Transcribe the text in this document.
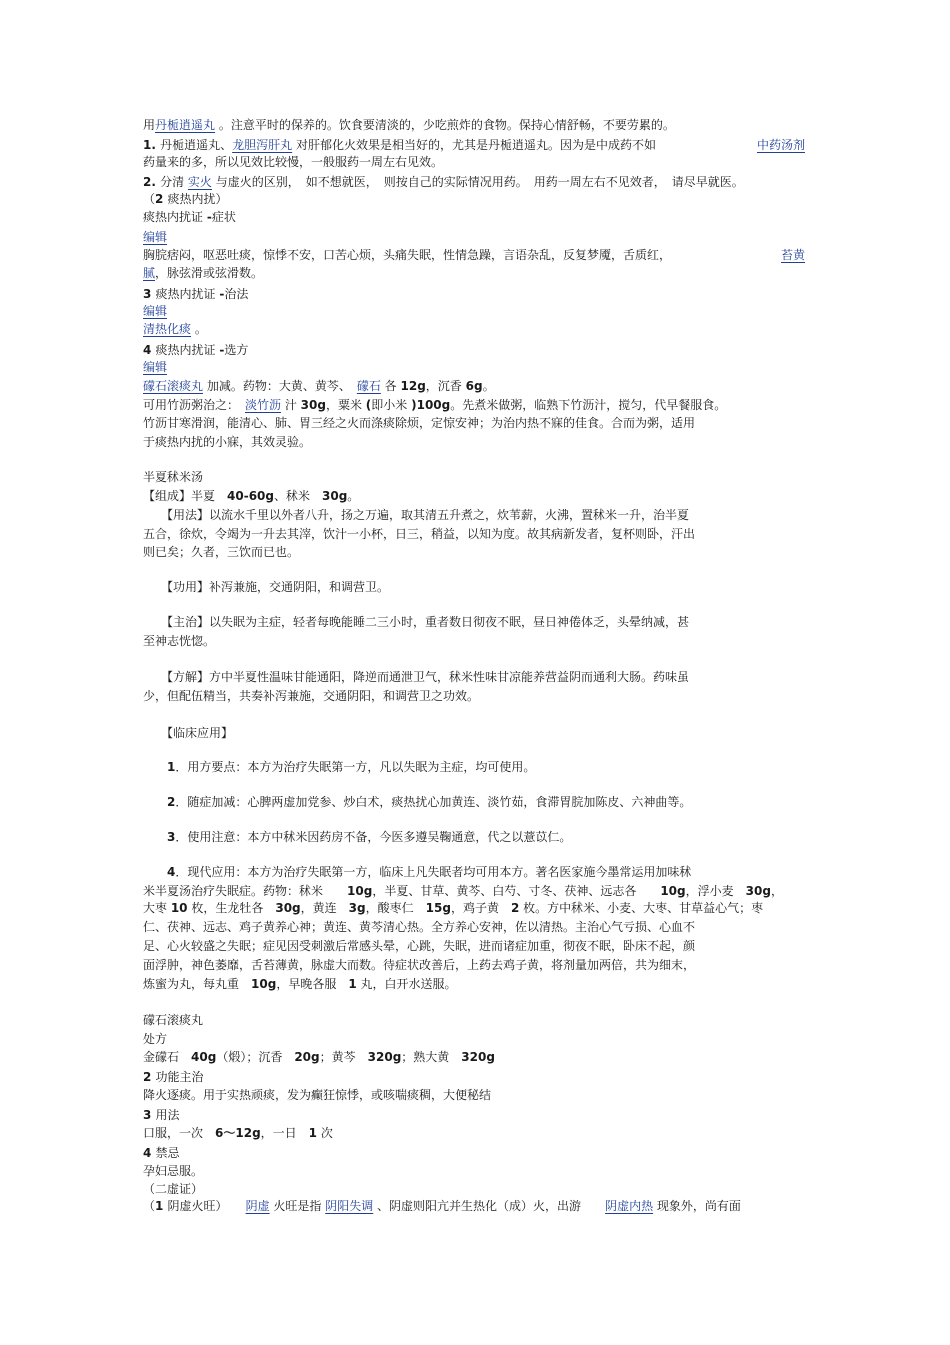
用丹栀逍遥丸 。注意平时的保养的。饮食要清淡的，少吃煎炸的食物。保持心情舒畅，不要劳累的。
1. 丹栀逍遥丸、龙胆泻肝丸 对肝郁化火效果是相当好的，尤其是丹栀逍遥丸。因为是中成药不如	中药汤剂
药量来的多，所以见效比较慢，一般服药一周左右见效。
2. 分清 实火 与虚火的区别，　如不想就医，　则按自己的实际情况用药。　用药一周左右不见效者，　请尽早就医。
（2 痰热内扰）
痰热内扰证 -症状
编辑
胸脘痞闷，呕恶吐痰，惊悸不安，口苦心烦，头痛失眠，性情急躁，言语杂乱，反复梦魇，舌质红，	苔黄
腻，脉弦滑或弦滑数。
3 痰热内扰证 -治法
编辑
清热化痰 。
4 痰热内扰证 -选方
编辑
礞石滚痰丸 加减。药物：大黄、黄芩、　礞石 各 12g，沉香 6g。
可用竹沥粥治之：　淡竹沥 汁 30g，粟米 (即小米 )100g。先煮米做粥，临熟下竹沥汁，搅匀，代早餐服食。
竹沥甘寒滑润，能清心、肺、胃三经之火而涤痰除烦，定惊安神；为治内热不寐的佳食。合而为粥，适用
于痰热内扰的小寐，其效灵验。
半夏秫米汤
【组成】半夏　40-60g、秫米　30g。
　　【用法】以流水千里以外者八升，扬之万遍，取其清五升煮之，炊苇薪，火沸，置秫米一升，治半夏
五合，徐炊，令竭为一升去其滓，饮汁一小杯，日三，稍益，以知为度。故其病新发者，复杯则卧，汗出
则已矣；久者，三饮而已也。
　　【功用】补泻兼施，交通阴阳，和调营卫。
　　【主治】以失眠为主症，轻者每晚能睡二三小时，重者数日彻夜不眠，昼日神倦体乏，头晕纳减，甚
至神志恍惚。
　　【方解】方中半夏性温味甘能通阳，降逆而通泄卫气，秫米性味甘凉能养营益阴而通利大肠。药味虽
少，但配伍精当，共奏补泻兼施，交通阴阳，和调营卫之功效。
　　【临床应用】
　　1．用方要点：本方为治疗失眠第一方，凡以失眠为主症，均可使用。
　　2．随症加减：心脾两虚加党参、炒白术，痰热扰心加黄连、淡竹茹，食滞胃脘加陈皮、六神曲等。
　　3．使用注意：本方中秫米因药房不备，今医多遵吴鞠通意，代之以薏苡仁。
　　4．现代应用：本方为治疗失眠第一方，临床上凡失眠者均可用本方。著名医家施今墨常运用加味秫
米半夏汤治疗失眠症。药物：秫米　　10g，半夏、甘草、黄芩、白芍、寸冬、茯神、远志各　　10g，浮小麦　30g，
大枣 10 枚，生龙牡各　30g，黄连　3g，酸枣仁　15g，鸡子黄　2 枚。方中秫米、小麦、大枣、甘草益心气；枣
仁、茯神、远志、鸡子黄养心神；黄连、黄芩清心热。全方养心安神，佐以清热。主治心气亏损、心血不
足、心火较盛之失眠；症见因受刺激后常感头晕，心跳，失眠，进而诸症加重，彻夜不眠，卧床不起，颜
面浮肿，神色萎靡，舌苔薄黄，脉虚大而数。待症状改善后，上药去鸡子黄，将剂量加两倍，共为细末，
炼蜜为丸，每丸重　10g，早晚各服　1 丸，白开水送服。
礞石滚痰丸
处方
金礞石　40g（煅）；沉香　20g；黄芩　320g；熟大黄　320g
2 功能主治
降火逐痰。用于实热顽痰，发为癫狂惊悸，或咳喘痰稠，大便秘结
3 用法
口服，一次　6～12g，一日　1 次
4 禁忌
孕妇忌服。
（二虚证）
（1 阴虚火旺）　　阴虚 火旺是指 阴阳失调 、阴虚则阳亢并生热化（成）火，出游　　阴虚内热 现象外，尚有面
